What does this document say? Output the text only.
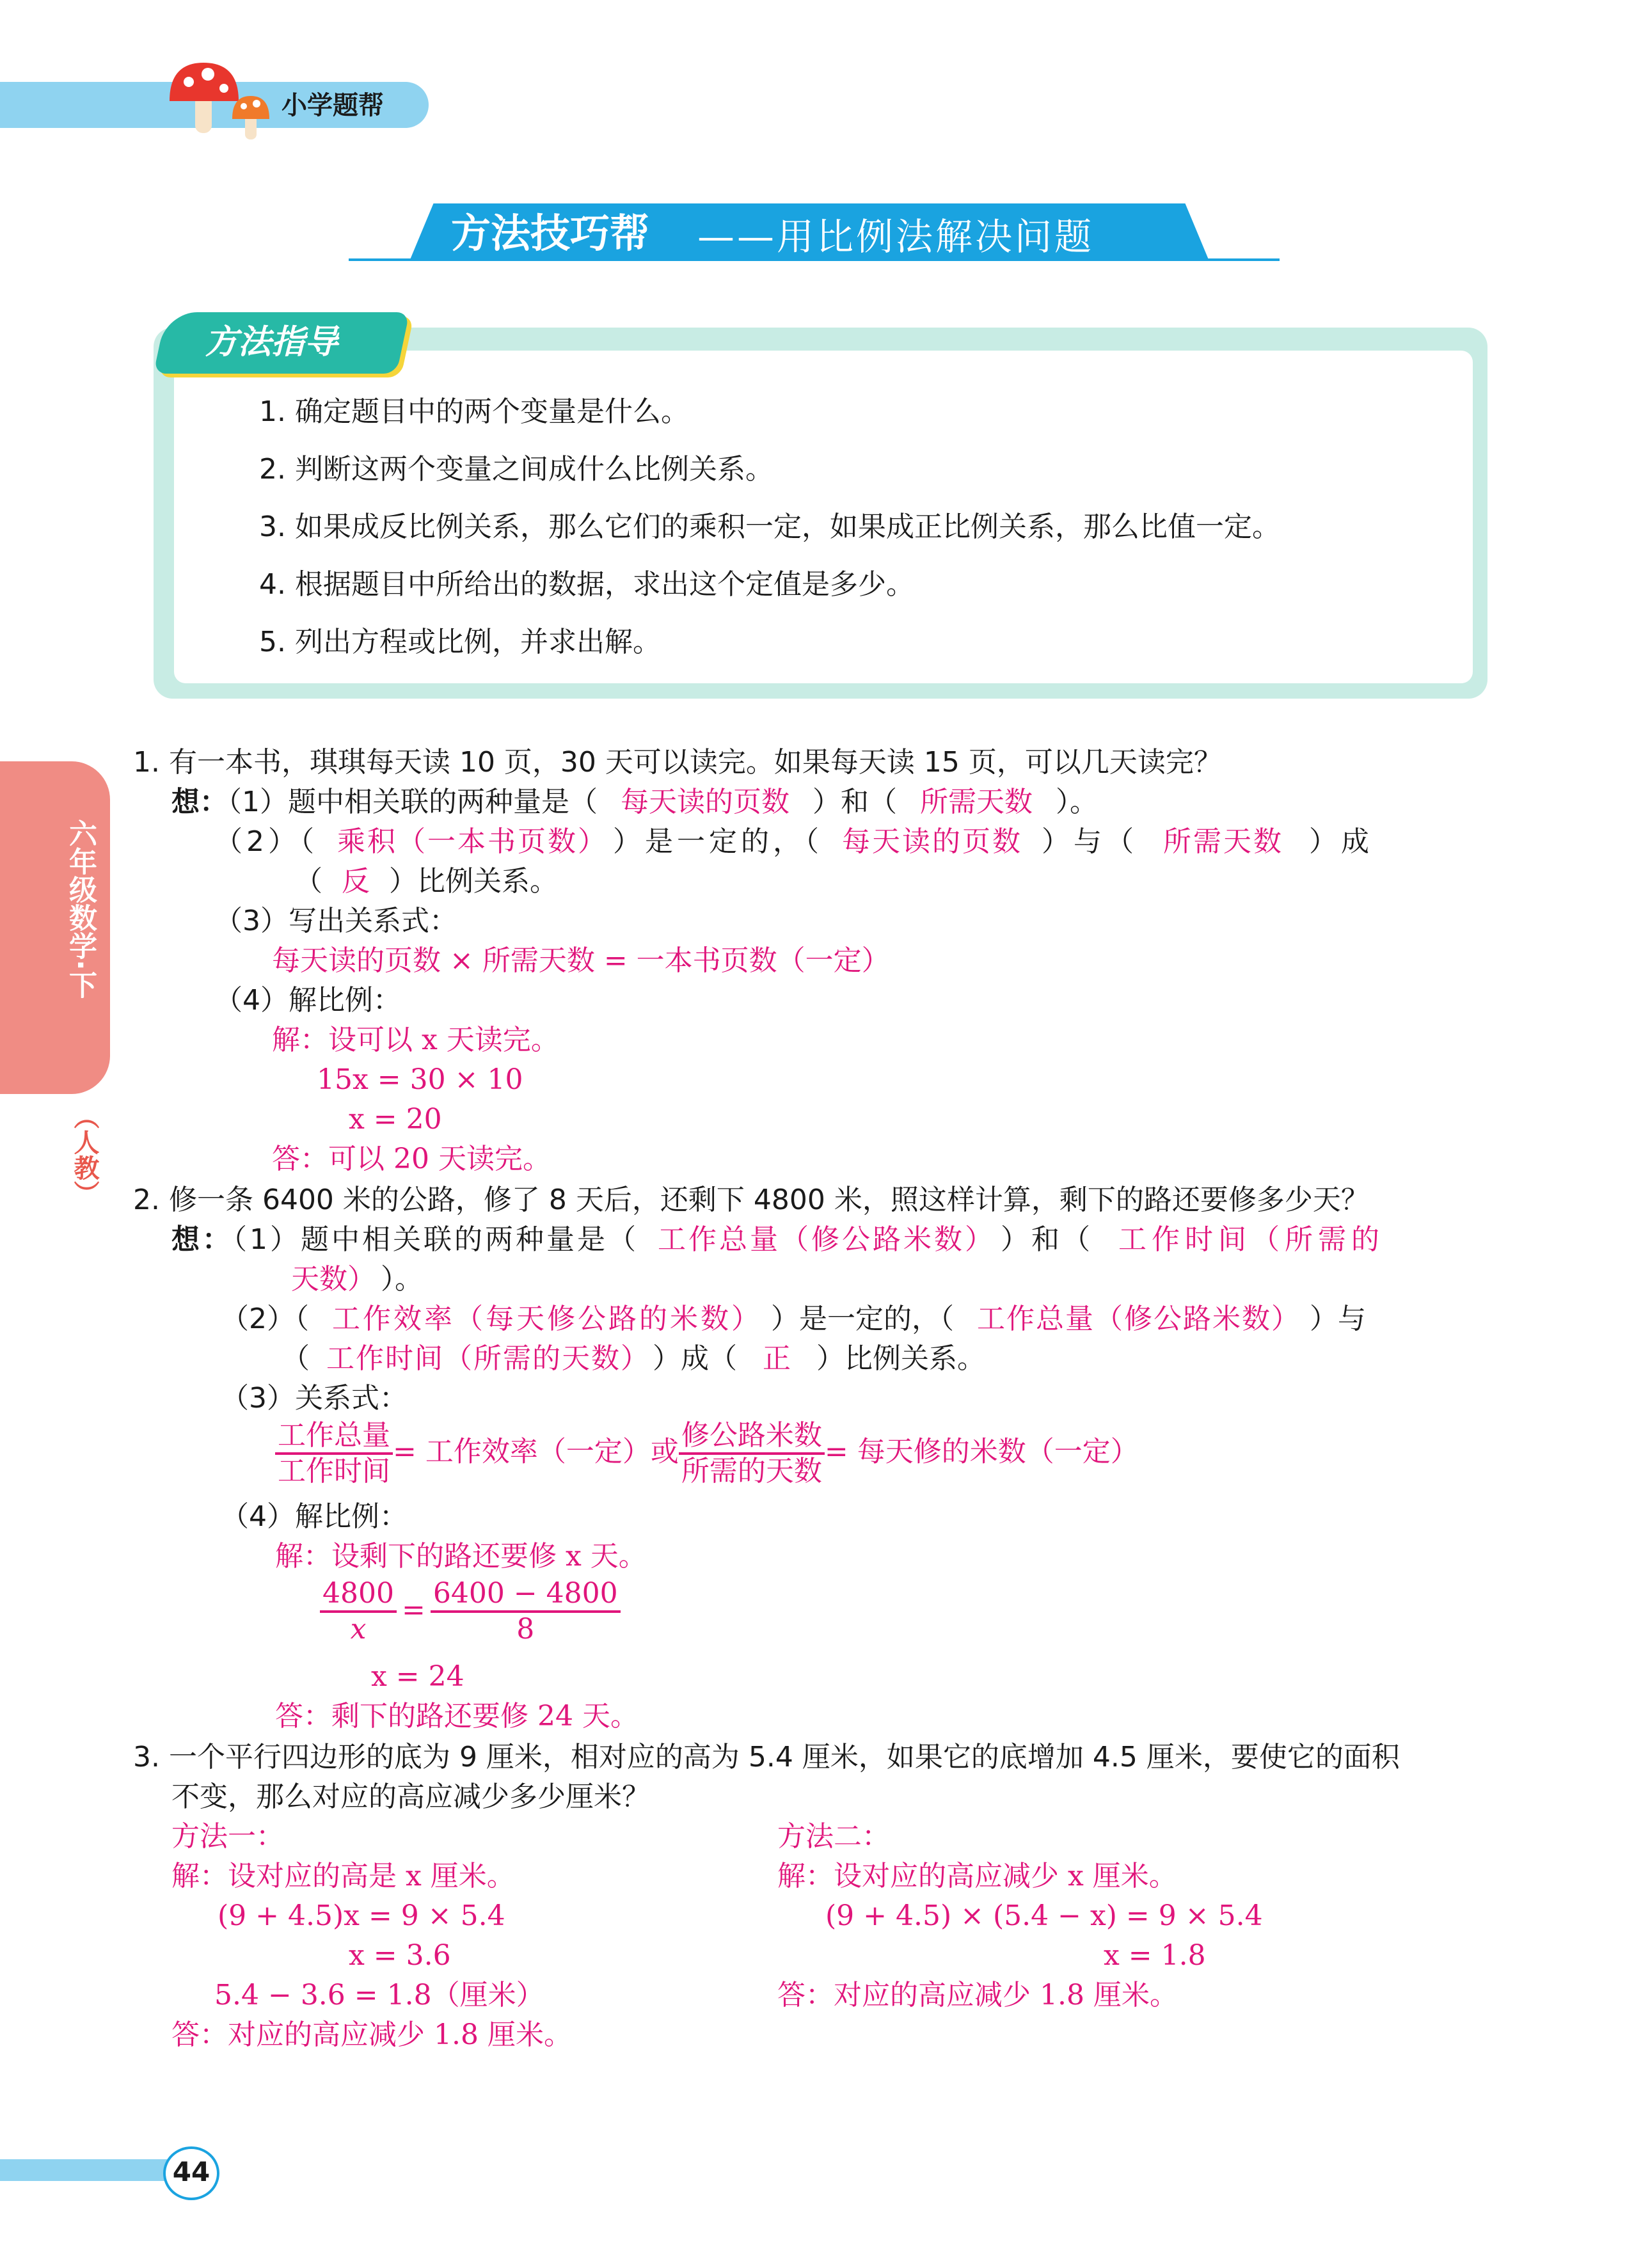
小学题帮
方法技巧帮 ——用比例法解决问题
方法指导
1. 确定题目中的两个变量是什么。
2. 判断这两个变量之间成什么比例关系。
3. 如果成反比例关系，那么它们的乘积一定，如果成正比例关系，那么比值一定。
4. 根据题目中所给出的数据，求出这个定值是多少。
5. 列出方程或比例，并求出解。
六年级数学·下
（人教）
1. 有一本书，琪琪每天读 10 页，30 天可以读完。如果每天读 15 页，可以几天读完？
想：（1）题中相关联的两种量是（ 每天读的页数 ）和（ 所需天数 ）。
（2）（ 乘积（一本书页数） ）是一定的，（ 每天读的页数 ）与（ 所需天数 ）成
（ 反 ）比例关系。
（3）写出关系式：
每天读的页数 × 所需天数 = 一本书页数（一定）
（4）解比例：
解：设可以 x 天读完。
15x = 30 × 10
x = 20
答：可以 20 天读完。
2. 修一条 6400 米的公路，修了 8 天后，还剩下 4800 米，照这样计算，剩下的路还要修多少天？
想：（1）题中相关联的两种量是（ 工作总量（修公路米数） ）和（ 工作时间（所需的
天数） ）。
（2）（ 工作效率（每天修公路的米数） ）是一定的，（ 工作总量（修公路米数） ）与
（ 工作时间（所需的天数） ）成（ 正 ）比例关系。
（3）关系式：
$\frac{\text{工作总量}}{\text{工作时间}}$ = 工作效率（一定）或 $\frac{\text{修公路米数}}{\text{所需的天数}}$ = 每天修的米数（一定）
（4）解比例：
解：设剩下的路还要修 x 天。
$\frac{4800}{x} = \frac{6400 - 4800}{8}$
x = 24
答：剩下的路还要修 24 天。
3. 一个平行四边形的底为 9 厘米，相对应的高为 5.4 厘米，如果它的底增加 4.5 厘米，要使它的面积
不变，那么对应的高应减少多少厘米？
方法一：
解：设对应的高是 x 厘米。
(9 + 4.5)x = 9 × 5.4
x = 3.6
5.4 − 3.6 = 1.8（厘米）
答：对应的高应减少 1.8 厘米。
方法二：
解：设对应的高应减少 x 厘米。
(9 + 4.5) × (5.4 − x) = 9 × 5.4
x = 1.8
答：对应的高应减少 1.8 厘米。
44
